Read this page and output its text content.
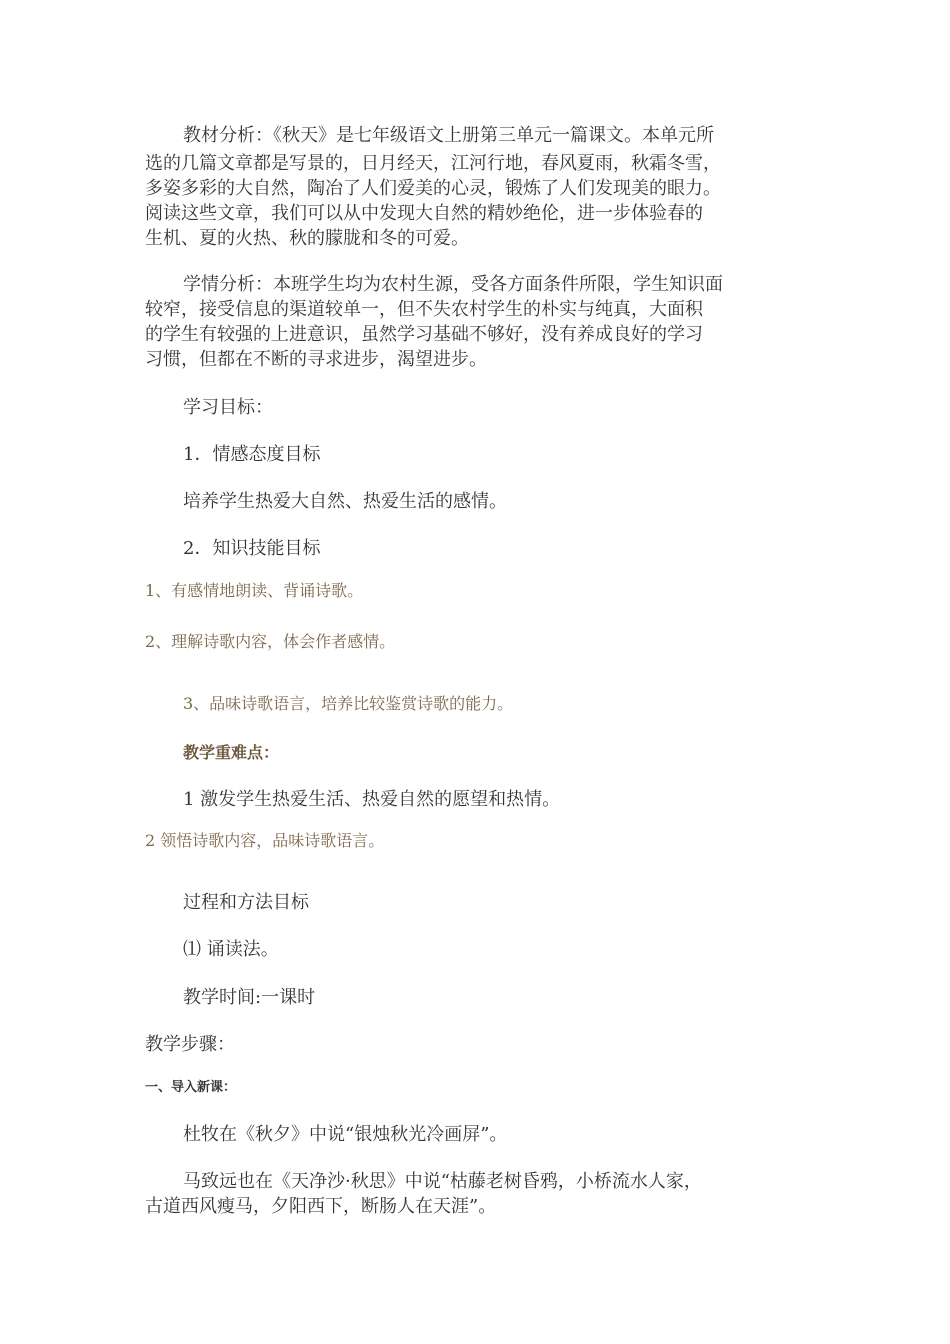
教材分析：《秋天》是七年级语文上册第三单元一篇课文。本单元所
选的几篇文章都是写景的，日月经天，江河行地，春风夏雨，秋霜冬雪，
多姿多彩的大自然，陶冶了人们爱美的心灵，锻炼了人们发现美的眼力。
阅读这些文章，我们可以从中发现大自然的精妙绝伦，进一步体验春的
生机、夏的火热、秋的朦胧和冬的可爱。
学情分析：本班学生均为农村生源，受各方面条件所限，学生知识面
较窄，接受信息的渠道较单一，但不失农村学生的朴实与纯真，大面积
的学生有较强的上进意识，虽然学习基础不够好，没有养成良好的学习
习惯，但都在不断的寻求进步，渴望进步。
学习目标：
1．情感态度目标
培养学生热爱大自然、热爱生活的感情。
2．知识技能目标
1、有感情地朗读、背诵诗歌。
2、理解诗歌内容，体会作者感情。
3、品味诗歌语言，培养比较鉴赏诗歌的能力。
教学重难点：
1 激发学生热爱生活、热爱自然的愿望和热情。
2 领悟诗歌内容，品味诗歌语言。
过程和方法目标
⑴ 诵读法。
教学时间:一课时
教学步骤：
一、导入新课：
杜牧在《秋夕》中说“银烛秋光冷画屏”。
马致远也在《天净沙·秋思》中说“枯藤老树昏鸦，小桥流水人家，
古道西风瘦马，夕阳西下，断肠人在天涯”。
